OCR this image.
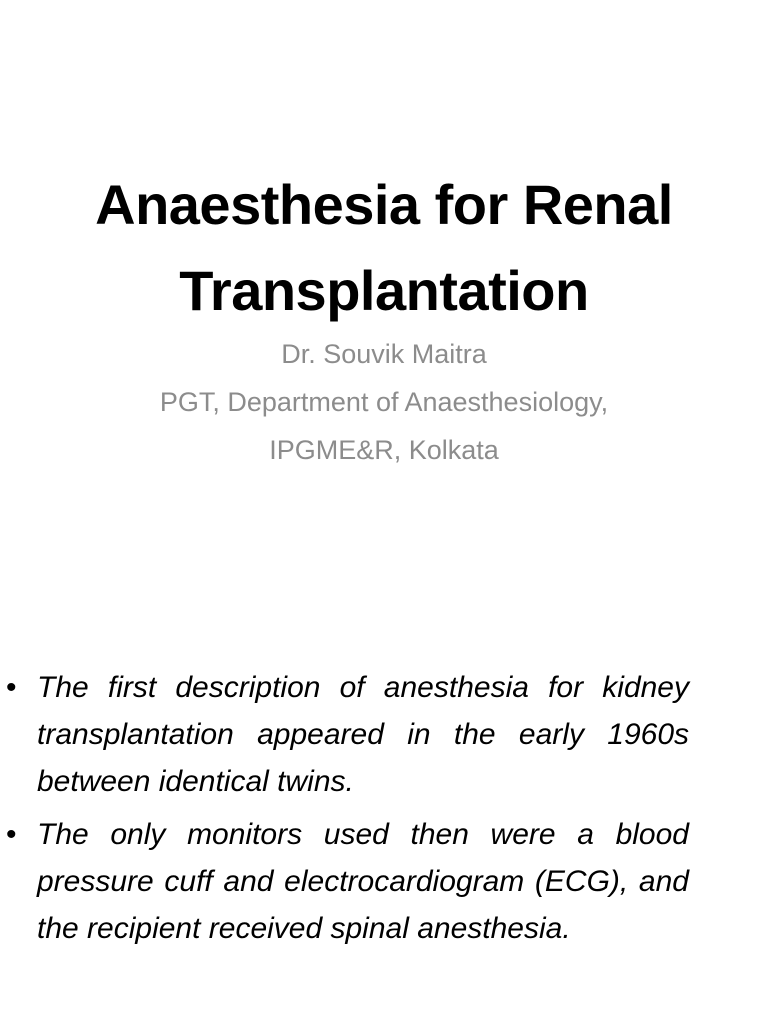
Anaesthesia for Renal Transplantation
Dr. Souvik Maitra
PGT, Department of Anaesthesiology,
IPGME&R, Kolkata
• The first description of anesthesia for kidney transplantation appeared in the early 1960s between identical twins.
• The only monitors used then were a blood pressure cuff and electrocardiogram (ECG), and the recipient received spinal anesthesia.
